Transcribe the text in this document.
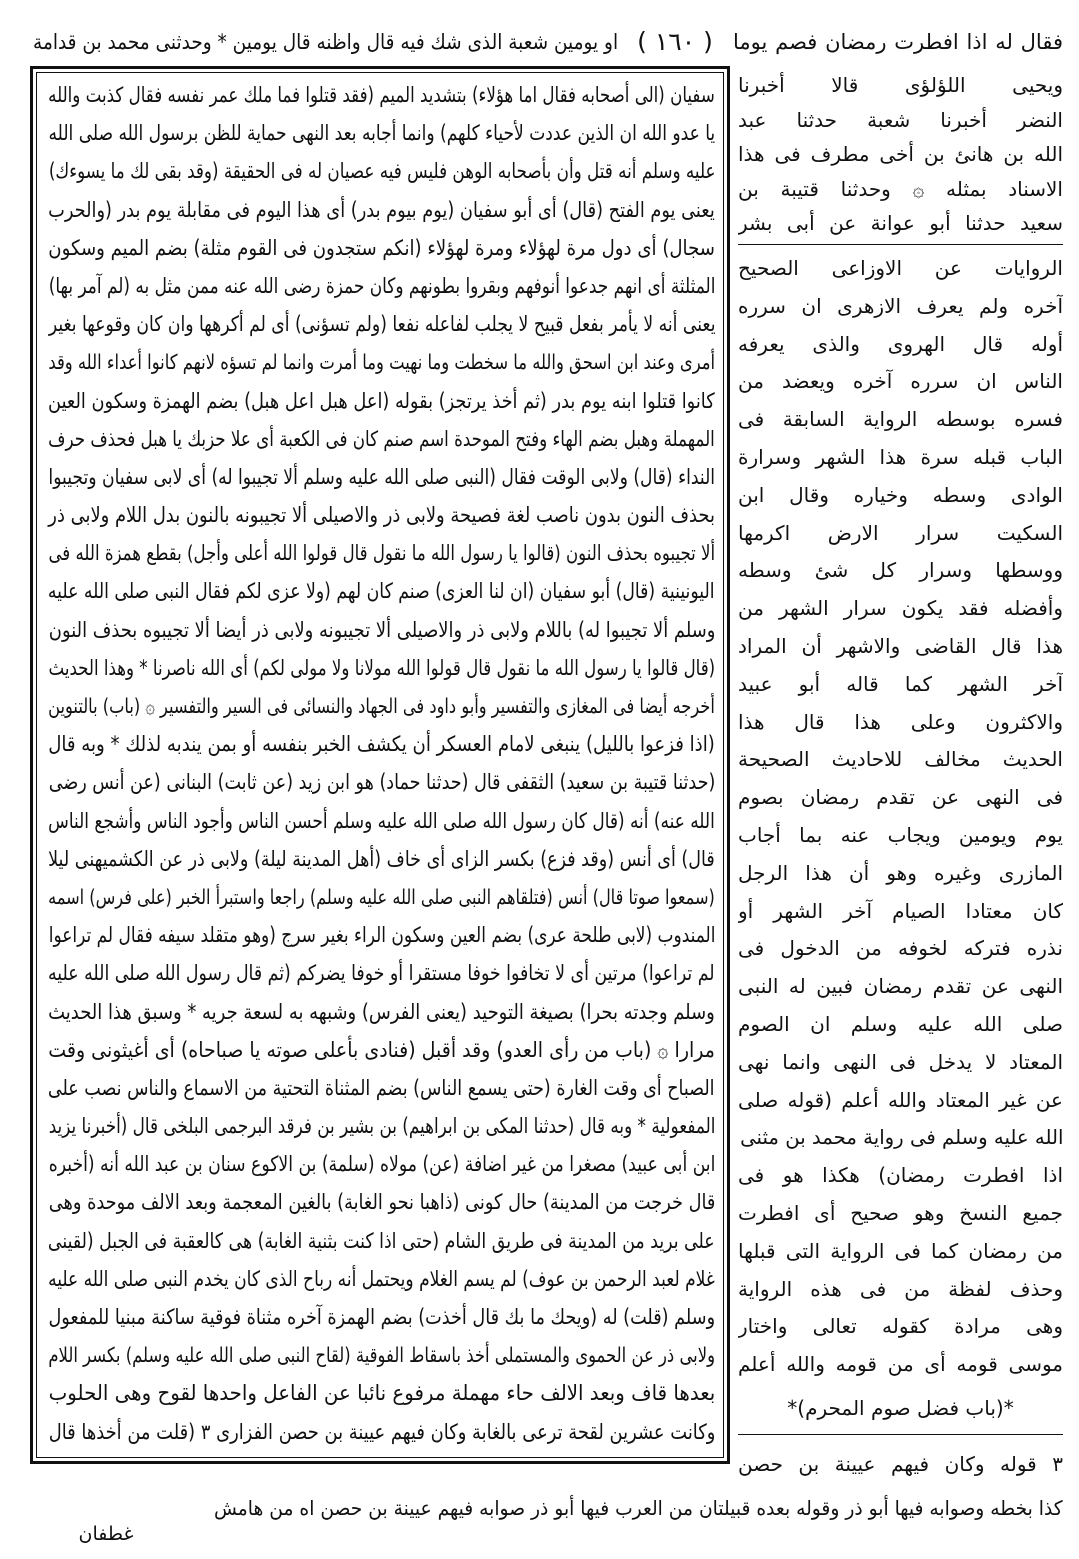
فقال له اذا افطرت رمضان فصم يوما
( ١٦٠ )
او يومين شعبة الذى شك فيه قال واظنه قال يومين * وحدثنى محمد بن قدامة
سفيان (الى أصحابه فقال اما هؤلاء) بتشديد الميم (فقد قتلوا فما ملك عمر نفسه فقال كذبت والله
يا عدو الله ان الذين عددت لأحياء كلهم) وانما أجابه بعد النهى حماية للظن برسول الله صلى الله
عليه وسلم أنه قتل وأن بأصحابه الوهن فليس فيه عصيان له فى الحقيقة (وقد بقى لك ما يسوءك)
يعنى يوم الفتح (قال) أى أبو سفيان (يوم بيوم بدر) أى هذا اليوم فى مقابلة يوم بدر (والحرب
سجال) أى دول مرة لهؤلاء ومرة لهؤلاء (انكم ستجدون فى القوم مثلة) بضم الميم وسكون
المثلثة أى انهم جدعوا أنوفهم وبقروا بطونهم وكان حمزة رضى الله عنه ممن مثل به (لم آمر بها)
يعنى أنه لا يأمر بفعل قبيح لا يجلب لفاعله نفعا (ولم تسؤنى) أى لم أكرهها وان كان وقوعها بغير
أمرى وعند ابن اسحق والله ما سخطت وما نهيت وما أمرت وانما لم تسؤه لانهم كانوا أعداء الله وقد
كانوا قتلوا ابنه يوم بدر (ثم أخذ يرتجز) بقوله (اعل هبل اعل هبل) بضم الهمزة وسكون العين
المهملة وهبل بضم الهاء وفتح الموحدة اسم صنم كان فى الكعبة أى علا حزبك يا هبل فحذف حرف
النداء (قال) ولابى الوقت فقال (النبى صلى الله عليه وسلم ألا تجيبوا له) أى لابى سفيان وتجيبوا
بحذف النون بدون ناصب لغة فصيحة ولابى ذر والاصيلى ألا تجيبونه بالنون بدل اللام ولابى ذر
ألا تجيبوه بحذف النون (قالوا يا رسول الله ما نقول قال قولوا الله أعلى وأجل) بقطع همزة الله فى
اليونينية (قال) أبو سفيان (ان لنا العزى) صنم كان لهم (ولا عزى لكم فقال النبى صلى الله عليه
وسلم ألا تجيبوا له) باللام ولابى ذر والاصيلى ألا تجيبونه ولابى ذر أيضا ألا تجيبوه بحذف النون
(قال قالوا يا رسول الله ما نقول قال قولوا الله مولانا ولا مولى لكم) أى الله ناصرنا * وهذا الحديث
أخرجه أيضا فى المغازى والتفسير وأبو داود فى الجهاد والنسائى فى السير والتفسير ۞ (باب) بالتنوين
(اذا فزعوا بالليل) ينبغى لامام العسكر أن يكشف الخبر بنفسه أو بمن يندبه لذلك * وبه قال
(حدثنا قتيبة بن سعيد) الثقفى قال (حدثنا حماد) هو ابن زيد (عن ثابت) البنانى (عن أنس رضى
الله عنه) أنه (قال كان رسول الله صلى الله عليه وسلم أحسن الناس وأجود الناس وأشجع الناس
قال) أى أنس (وقد فزع) بكسر الزاى أى خاف (أهل المدينة ليلة) ولابى ذر عن الكشميهنى ليلا
(سمعوا صوتا قال) أنس (فتلقاهم النبى صلى الله عليه وسلم) راجعا واستبرأ الخبر (على فرس) اسمه
المندوب (لابى طلحة عرى) بضم العين وسكون الراء بغير سرج (وهو متقلد سيفه فقال لم تراعوا
لم تراعوا) مرتين أى لا تخافوا خوفا مستقرا أو خوفا يضركم (ثم قال رسول الله صلى الله عليه
وسلم وجدته بحرا) بصيغة التوحيد (يعنى الفرس) وشبهه به لسعة جريه * وسبق هذا الحديث
مرارا ۞ (باب من رأى العدو) وقد أقبل (فنادى بأعلى صوته يا صباحاه) أى أغيثونى وقت
الصباح أى وقت الغارة (حتى يسمع الناس) بضم المثناة التحتية من الاسماع والناس نصب على
المفعولية * وبه قال (حدثنا المكى بن ابراهيم) بن بشير بن فرقد البرجمى البلخى قال (أخبرنا يزيد
ابن أبى عبيد) مصغرا من غير اضافة (عن) مولاه (سلمة) بن الاكوع سنان بن عبد الله أنه (أخبره
قال خرجت من المدينة) حال كونى (ذاهبا نحو الغابة) بالغين المعجمة وبعد الالف موحدة وهى
على بريد من المدينة فى طريق الشام (حتى اذا كنت بثنية الغابة) هى كالعقبة فى الجبل (لقينى
غلام لعبد الرحمن بن عوف) لم يسم الغلام ويحتمل أنه رباح الذى كان يخدم النبى صلى الله عليه
وسلم (قلت) له (ويحك ما بك قال أخذت) بضم الهمزة آخره مثناة فوقية ساكنة مبنيا للمفعول
ولابى ذر عن الحموى والمستملى أخذ باسقاط الفوقية (لقاح النبى صلى الله عليه وسلم) بكسر اللام
بعدها قاف وبعد الالف حاء مهملة مرفوع نائبا عن الفاعل واحدها لقوح وهى الحلوب
وكانت عشرين لقحة ترعى بالغابة وكان فيهم عيينة بن حصن الفزارى ٣ (قلت من أخذها قال
ويحيى اللؤلؤى قالا أخبرنا
النضر أخبرنا شعبة حدثنا عبد
الله بن هانئ بن أخى مطرف فى هذا
الاسناد بمثله ۞ وحدثنا قتيبة بن
سعيد حدثنا أبو عوانة عن أبى بشر
الروايات عن الاوزاعى الصحيح
آخره ولم يعرف الازهرى ان سرره
أوله قال الهروى والذى يعرفه
الناس ان سرره آخره ويعضد من
فسره بوسطه الرواية السابقة فى
الباب قبله سرة هذا الشهر وسرارة
الوادى وسطه وخياره وقال ابن
السكيت سرار الارض اكرمها
ووسطها وسرار كل شئ وسطه
وأفضله فقد يكون سرار الشهر من
هذا قال القاضى والاشهر أن المراد
آخر الشهر كما قاله أبو عبيد
والاكثرون وعلى هذا قال هذا
الحديث مخالف للاحاديث الصحيحة
فى النهى عن تقدم رمضان بصوم
يوم ويومين ويجاب عنه بما أجاب
المازرى وغيره وهو أن هذا الرجل
كان معتادا الصيام آخر الشهر أو
نذره فتركه لخوفه من الدخول فى
النهى عن تقدم رمضان فبين له النبى
صلى الله عليه وسلم ان الصوم
المعتاد لا يدخل فى النهى وانما نهى
عن غير المعتاد والله أعلم (قوله صلى
الله عليه وسلم فى رواية محمد بن مثنى
اذا افطرت رمضان) هكذا هو فى
جميع النسخ وهو صحيح أى افطرت
من رمضان كما فى الرواية التى قبلها
وحذف لفظة من فى هذه الرواية
وهى مرادة كقوله تعالى واختار
موسى قومه أى من قومه والله أعلم
*(باب فضل صوم المحرم)*
٣ قوله وكان فيهم عيينة بن حصن
كذا بخطه وصوابه فيها أبو ذر وقوله بعده قبيلتان من العرب فيها أبو ذر صوابه فيهم عيينة بن حصن اه من هامش
غطفان
